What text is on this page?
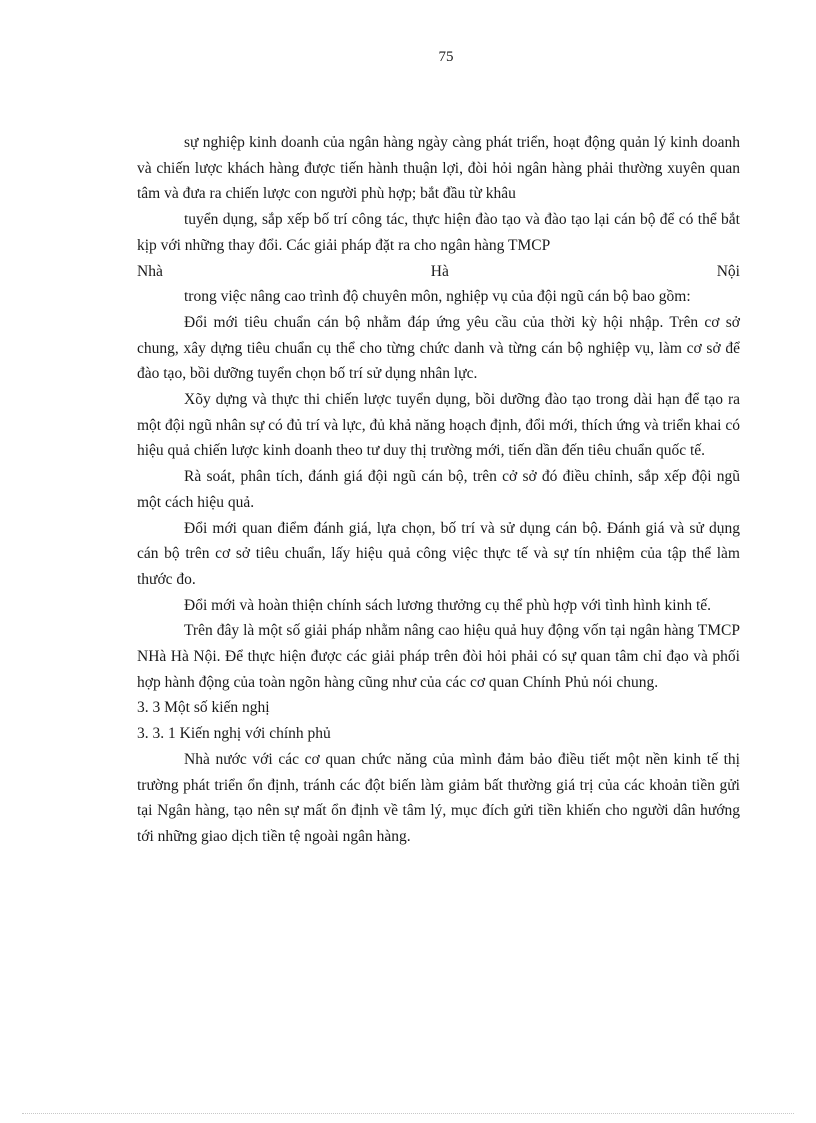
75

sự nghiệp kinh doanh của ngân hàng ngày càng phát triển, hoạt động quản lý kinh doanh và chiến lược khách hàng được tiến hành thuận lợi, đòi hỏi ngân hàng phải thường xuyên quan tâm và đưa ra chiến lược con người phù hợp; bắt đầu từ khâu

tuyển dụng, sắp xếp bố trí công tác, thực hiện đào tạo và đào tạo lại cán bộ để có thể bắt kịp với những thay đổi. Các giải pháp đặt ra cho ngân hàng TMCP

Nhà Hà Nội

trong việc nâng cao trình độ chuyên môn, nghiệp vụ của đội ngũ cán bộ bao gồm:

Đổi mới tiêu chuẩn cán bộ nhằm đáp ứng yêu cầu của thời kỳ hội nhập. Trên cơ sở chung, xây dựng tiêu chuẩn cụ thể cho từng chức danh và từng cán bộ nghiệp vụ, làm cơ sở để đào tạo, bồi dưỡng tuyển chọn bố trí sử dụng nhân lực.

Xõy dựng và thực thi chiến lược tuyển dụng, bồi dưỡng đào tạo trong dài hạn để tạo ra một đội ngũ nhân sự có đủ trí và lực, đủ khả năng hoạch định, đổi mới, thích ứng và triển khai có hiệu quả chiến lược kinh doanh theo tư duy thị trường mới, tiến dần đến tiêu chuẩn quốc tế.

Rà soát, phân tích, đánh giá đội ngũ cán bộ, trên cở sở đó điều chỉnh, sắp xếp đội ngũ một cách hiệu quả.

Đổi mới quan điểm đánh giá, lựa chọn, bố trí và sử dụng cán bộ. Đánh giá và sử dụng cán bộ trên cơ sở tiêu chuẩn, lấy hiệu quả công việc thực tế và sự tín nhiệm của tập thể làm thước đo.

Đổi mới và hoàn thiện chính sách lương thưởng cụ thể phù hợp với tình hình kinh tế.

Trên đây là một số giải pháp nhằm nâng cao hiệu quả huy động vốn tại ngân hàng TMCP NHà Hà Nội. Để thực hiện được các giải pháp trên đòi hỏi phải có sự quan tâm chỉ đạo và phối hợp hành động của toàn ngõn hàng cũng như của các cơ quan Chính Phủ nói chung.

3. 3 Một số kiến nghị

3. 3. 1 Kiến nghị với chính phủ

Nhà nước với các cơ quan chức năng của mình đảm bảo điều tiết một nền kinh tế thị trường phát triển ổn định, tránh các đột biến làm giảm bất thường giá trị của các khoản tiền gửi tại Ngân hàng, tạo nên sự mất ổn định về tâm lý, mục đích gửi tiền khiến cho người dân hướng tới những giao dịch tiền tệ ngoài ngân hàng.
